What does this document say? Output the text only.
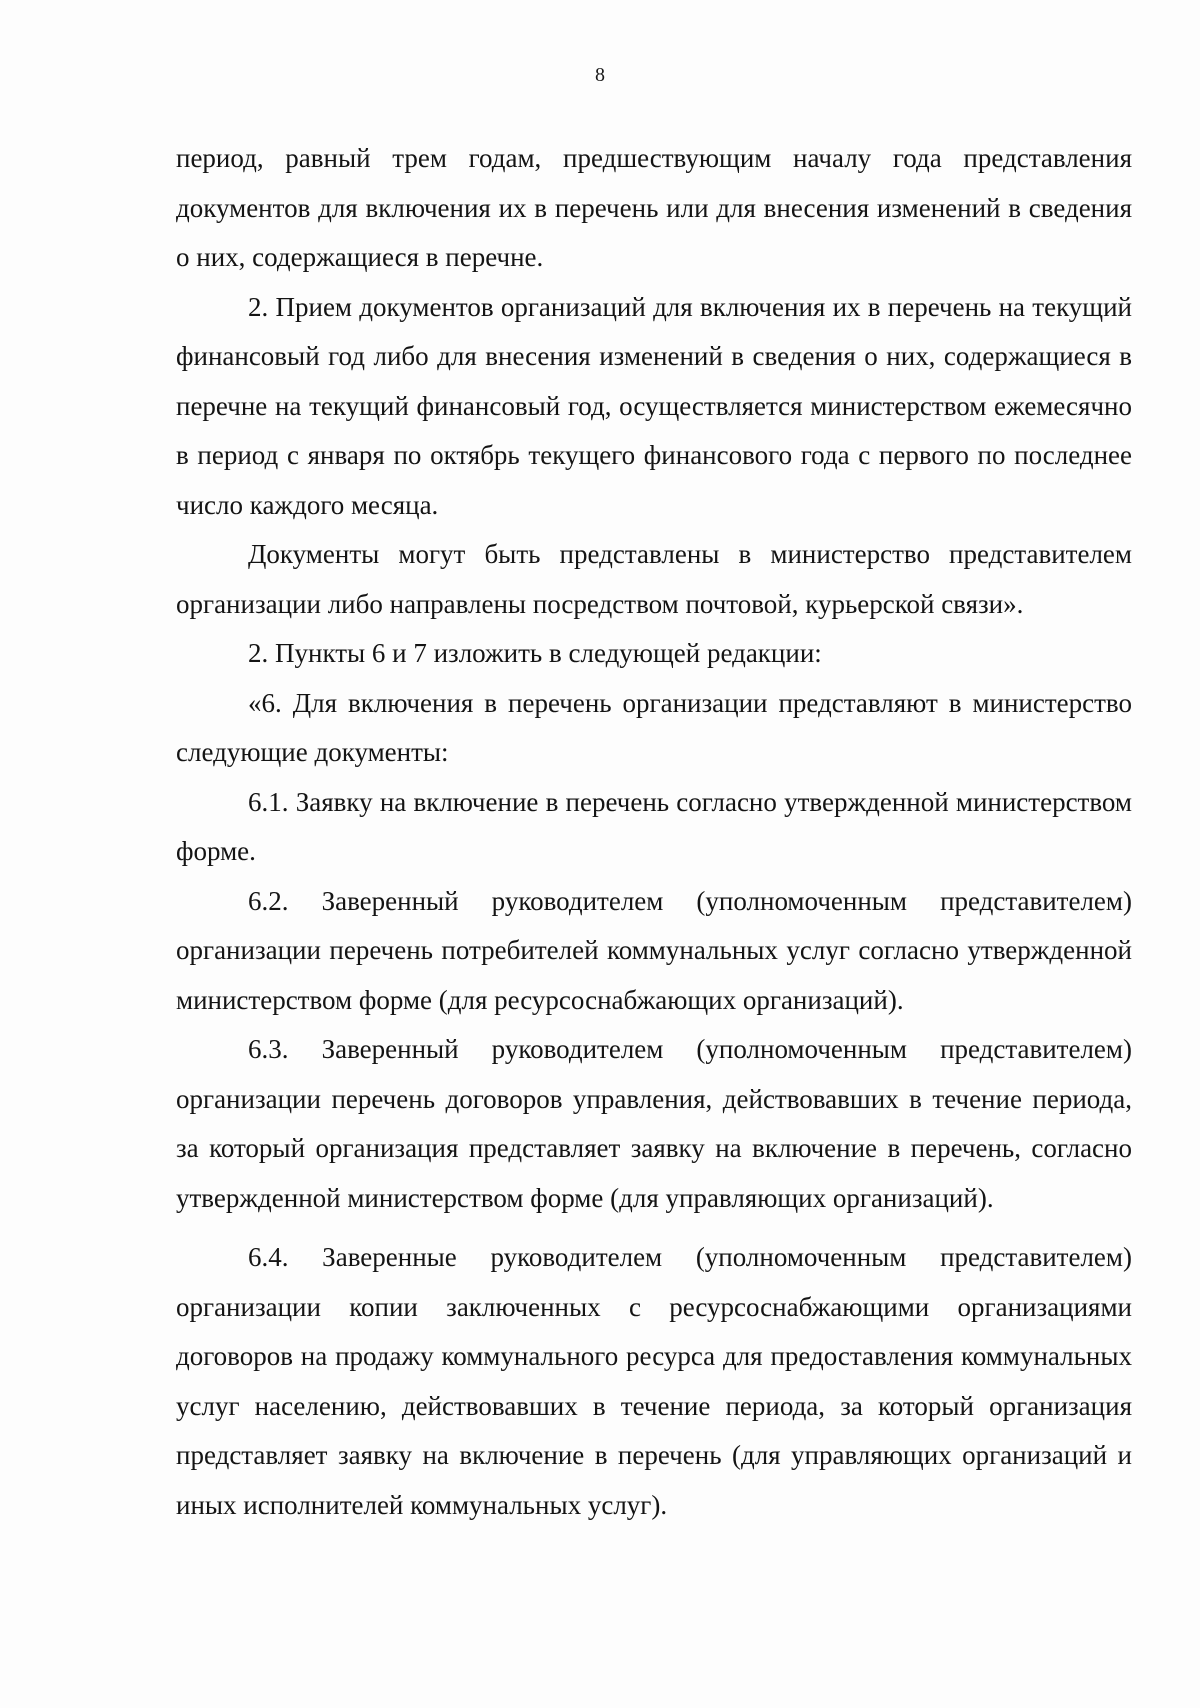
8

период, равный трем годам, предшествующим началу года представления документов для включения их в перечень или для внесения изменений в сведения о них, содержащиеся в перечне.

2. Прием документов организаций для включения их в перечень на текущий финансовый год либо для внесения изменений в сведения о них, содержащиеся в перечне на текущий финансовый год, осуществляется министерством ежемесячно в период с января по октябрь текущего финансового года с первого по последнее число каждого месяца.

Документы могут быть представлены в министерство представителем организации либо направлены посредством почтовой, курьерской связи».

2. Пункты 6 и 7 изложить в следующей редакции:

«6. Для включения в перечень организации представляют в министерство следующие документы:

6.1. Заявку на включение в перечень согласно утвержденной министерством форме.

6.2. Заверенный руководителем (уполномоченным представителем) организации перечень потребителей коммунальных услуг согласно утвержденной министерством форме (для ресурсоснабжающих организаций).

6.3. Заверенный руководителем (уполномоченным представителем) организации перечень договоров управления, действовавших в течение периода, за который организация представляет заявку на включение в перечень, согласно утвержденной министерством форме (для управляющих организаций).

6.4. Заверенные руководителем (уполномоченным представителем) организации копии заключенных с ресурсоснабжающими организациями договоров на продажу коммунального ресурса для предоставления коммунальных услуг населению, действовавших в течение периода, за который организация представляет заявку на включение в перечень (для управляющих организаций и иных исполнителей коммунальных услуг).
